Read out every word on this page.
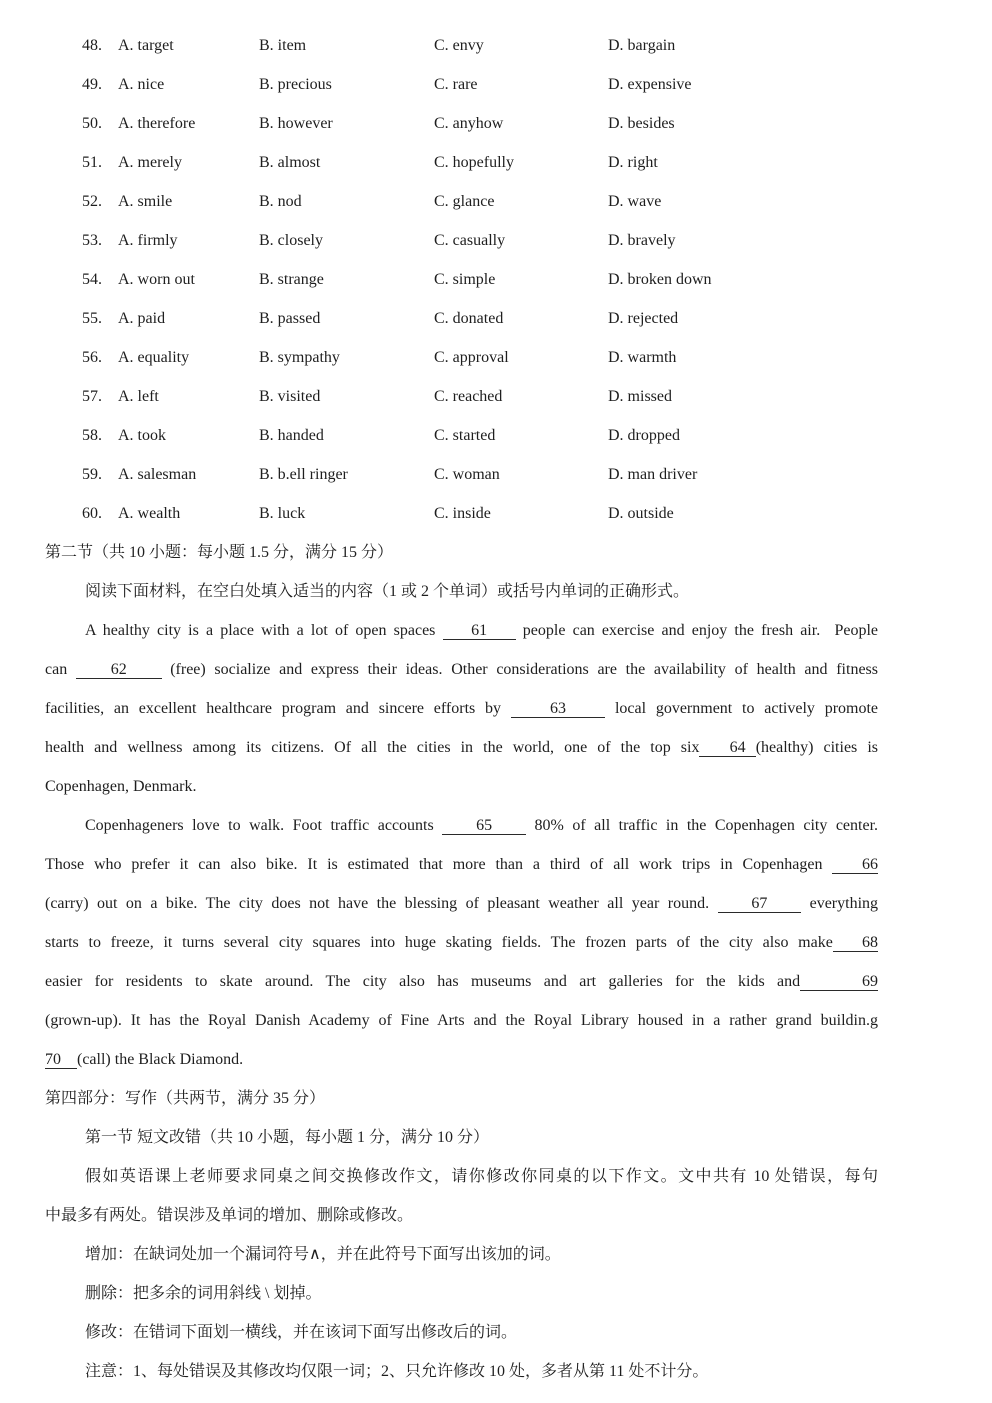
48.	A. target	B. item	C. envy	D. bargain
49.	A. nice	B. precious	C. rare	D. expensive
50.	A. therefore	B. however	C. anyhow	D. besides
51.	A. merely	B. almost	C. hopefully	D. right
52.	A. smile	B. nod	C. glance	D. wave
53.	A. firmly	B. closely	C. casually	D. bravely
54.	A. worn out	B. strange	C. simple	D. broken down
55.	A. paid	B. passed	C. donated	D. rejected
56.	A. equality	B. sympathy	C. approval	D. warmth
57.	A. left	B. visited	C. reached	D. missed
58.	A. took	B. handed	C. started	D. dropped
59.	A. salesman	B. b.ell ringer	C. woman	D. man driver
60.	A. wealth	B. luck	C. inside	D. outside
第二节（共 10 小题：每小题 1.5 分，满分 15 分）
阅读下面材料，在空白处填入适当的内容（1 或 2 个单词）或括号内单词的正确形式。
A healthy city is a place with a lot of open spaces     61     people can exercise and enjoy the fresh air.  People
can     62     (free) socialize and express their ideas. Other considerations are the availability of health and fitness
facilities, an excellent healthcare program and sincere efforts by     63     local government to actively promote
health and wellness among its citizens. Of all the cities in the world, one of the top six   64 (healthy) cities is
Copenhagen, Denmark.
Copenhageners love to walk. Foot traffic accounts     65     80% of all traffic in the Copenhagen city center.
Those who prefer it can also bike. It is estimated that more than a third of all work trips in Copenhagen    66
(carry) out on a bike. The city does not have the blessing of pleasant weather all year round.     67     everything
starts to freeze, it turns several city squares into huge skating fields. The frozen parts of the city also make   68
easier for residents to skate around. The city also has museums and art galleries for the kids and     69
(grown-up). It has the Royal Danish Academy of Fine Arts and the Royal Library housed in a rather grand buildin.g
70    (call) the Black Diamond.
第四部分：写作（共两节，满分 35 分）
第一节 短文改错（共 10 小题，每小题 1 分，满分 10 分）
假如英语课上老师要求同桌之间交换修改作文，请你修改你同桌的以下作文。文中共有 10 处错误，每句
中最多有两处。错误涉及单词的增加、删除或修改。
增加：在缺词处加一个漏词符号∧，并在此符号下面写出该加的词。
删除：把多余的词用斜线 \ 划掉。
修改：在错词下面划一横线，并在该词下面写出修改后的词。
注意：1、每处错误及其修改均仅限一词；2、只允许修改 10 处，多者从第 11 处不计分。
